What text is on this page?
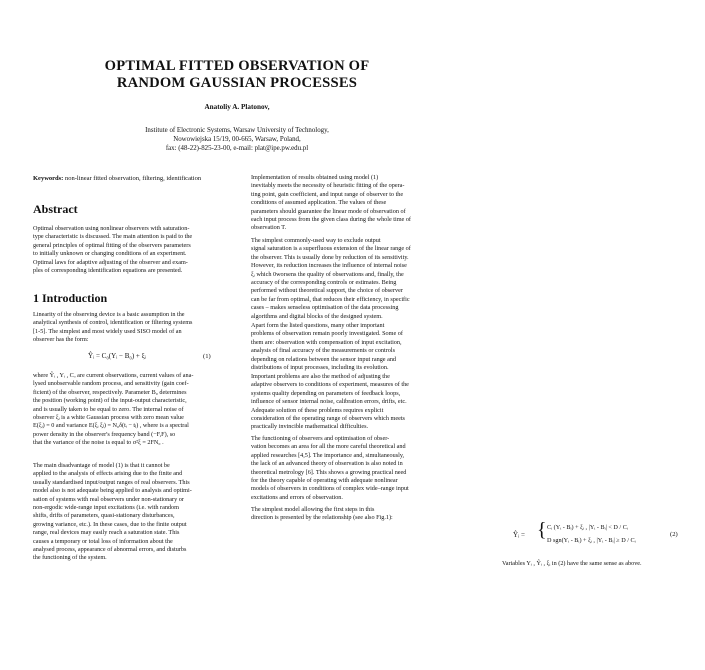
OPTIMAL FITTED OBSERVATION OF
RANDOM GAUSSIAN PROCESSES
Anatoliy A. Platonov,
Institute of Electronic Systems, Warsaw University of Technology,
Nowowiejska 15/19, 00-665, Warsaw, Poland,
fax: (48-22)-825-23-00, e-mail: plat@ipe.pw.edu.pl
Keywords: non-linear fitted observation, filtering, identification
Abstract
Optimal observation using nonlinear observers with saturation-
type characteristic is discussed. The main attention is paid to the
general principles of optimal fitting of the observers parameters
to initially unknown or changing conditions of an experiment.
Optimal laws for adaptive adjusting of the observer and exam-
ples of corresponding identification equations are presented.
1 Introduction
Linearity of the observing device is a basic assumption in the
analytical synthesis of control, identification or filtering systems
[1-5]. The simplest and most widely used SISO model of an
observer has the form:
Ŷᵢ = C₀(Yᵢ − B₀) + ξᵢ	(1)
where Ŷᵢ , Yᵢ , Cₒ are current observations, current values of ana-
lysed unobservable random process, and sensitivity (gain coef-
ficient) of the observer, respectively. Parameter B₀ determines
the position (working point) of the input-output characteristic,
and is usually taken to be equal to zero. The internal noise of
observer ξᵢ is a white Gaussian process with zero mean value
E(ξᵢ) = 0 and variance E(ξᵢ ξⱼ) = N₀δ(tᵢ − tⱼ) , where is a spectral
power density in the observer's frequency band (−F,F), so
that the variance of the noise is equal to σ²ξ = 2FN₀ .
The main disadvantage of model (1) is that it cannot be
applied to the analysis of effects arising due to the finite and
usually standardised input/output ranges of real observers. This
model also is not adequate being applied to analysis and optimi-
sation of systems with real observers under non-stationary or
non-ergodic wide-range input excitations (i.e. with random
shifts, drifts of parameters, quasi-stationary disturbances,
growing variance, etc.). In these cases, due to the finite output
range, real devices may easily reach a saturation state. This
causes a temporary or total loss of information about the
analysed process, appearance of abnormal errors, and disturbs
the functioning of the system.
Implementation of results obtained using model (1)
inevitably meets the necessity of heuristic fitting of the opera-
ting point, gain coefficient, and input range of observer to the
conditions of assumed application. The values of these
parameters should guarantee the linear mode of observation of
each input process from the given class during the whole time of
observation T.
The simplest commonly-used way to exclude output
signal saturation is a superfluous extension of the linear range of
the observer. This is usually done by reduction of its sensitivity.
However, its reduction increases the influence of internal noise
ξᵢ which 0worsens the quality of observations and, finally, the
accuracy of the corresponding controls or estimates. Being
performed without theoretical support, the choice of observer
can be far from optimal, that reduces their efficiency, in specific
cases – makes senseless optimisation of the data processing
algorithms and digital blocks of the designed system.
Apart form the listed questions, many other important
problems of observation remain poorly investigated. Some of
them are: observation with compensation of input excitation,
analysis of final accuracy of the measurements or controls
depending on relations between the sensor input range and
distributions of input processes, including its evolution.
Important problems are also the method of adjusting the
adaptive observers to conditions of experiment, measures of the
systems quality depending on parameters of feedback loops,
influence of sensor internal noise, calibration errors, drifts, etc.
Adequate solution of these problems requires explicit
consideration of the operating range of observers which meets
practically invincible mathematical difficulties.
The functioning of observers and optimisation of obser-
vation becomes an area for all the more careful theoretical and
applied researches [4,5]. The importance and, simultaneously,
the lack of an advanced theory of observation is also noted in
theoretical metrology [6]. This shows a growing practical need
for the theory capable of operating with adequate nonlinear
models of observers in conditions of complex wide–range input
excitations and errors of observation.
The simplest model allowing the first steps in this
direction is presented by the relationship (see also Fig.1):
Ŷᵢ = { Cᵢ (Yᵢ - Bᵢ) + ξᵢ , |Yᵢ - Bᵢ| < D / Cᵢ
D sgn(Yᵢ - Bᵢ) + ξᵢ , |Yᵢ - Bᵢ| ≥ D / Cᵢ
(2)
Variables Yᵢ , Ŷᵢ , ξᵢ in (2) have the same sense as above.
